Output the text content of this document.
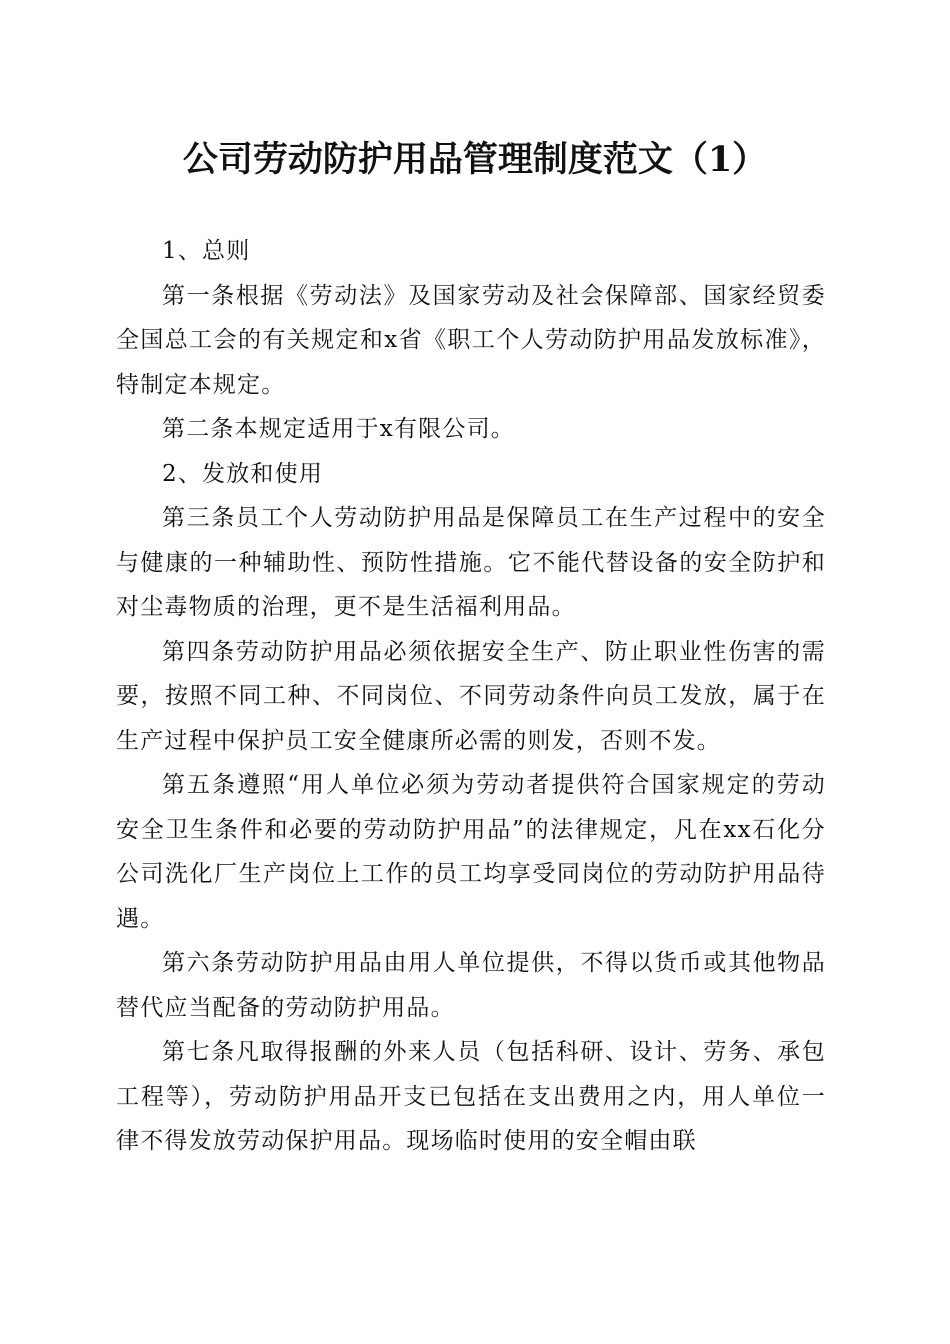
公司劳动防护用品管理制度范文（1）

1、总则

第一条根据《劳动法》及国家劳动及社会保障部、国家经贸委全国总工会的有关规定和x省《职工个人劳动防护用品发放标准》，特制定本规定。

第二条本规定适用于x有限公司。

2、发放和使用

第三条员工个人劳动防护用品是保障员工在生产过程中的安全与健康的一种辅助性、预防性措施。它不能代替设备的安全防护和对尘毒物质的治理，更不是生活福利用品。

第四条劳动防护用品必须依据安全生产、防止职业性伤害的需要，按照不同工种、不同岗位、不同劳动条件向员工发放，属于在生产过程中保护员工安全健康所必需的则发，否则不发。

第五条遵照“用人单位必须为劳动者提供符合国家规定的劳动安全卫生条件和必要的劳动防护用品”的法律规定，凡在xx石化分公司洗化厂生产岗位上工作的员工均享受同岗位的劳动防护用品待遇。

第六条劳动防护用品由用人单位提供，不得以货币或其他物品替代应当配备的劳动防护用品。

第七条凡取得报酬的外来人员（包括科研、设计、劳务、承包工程等），劳动防护用品开支已包括在支出费用之内，用人单位一律不得发放劳动保护用品。现场临时使用的安全帽由联
